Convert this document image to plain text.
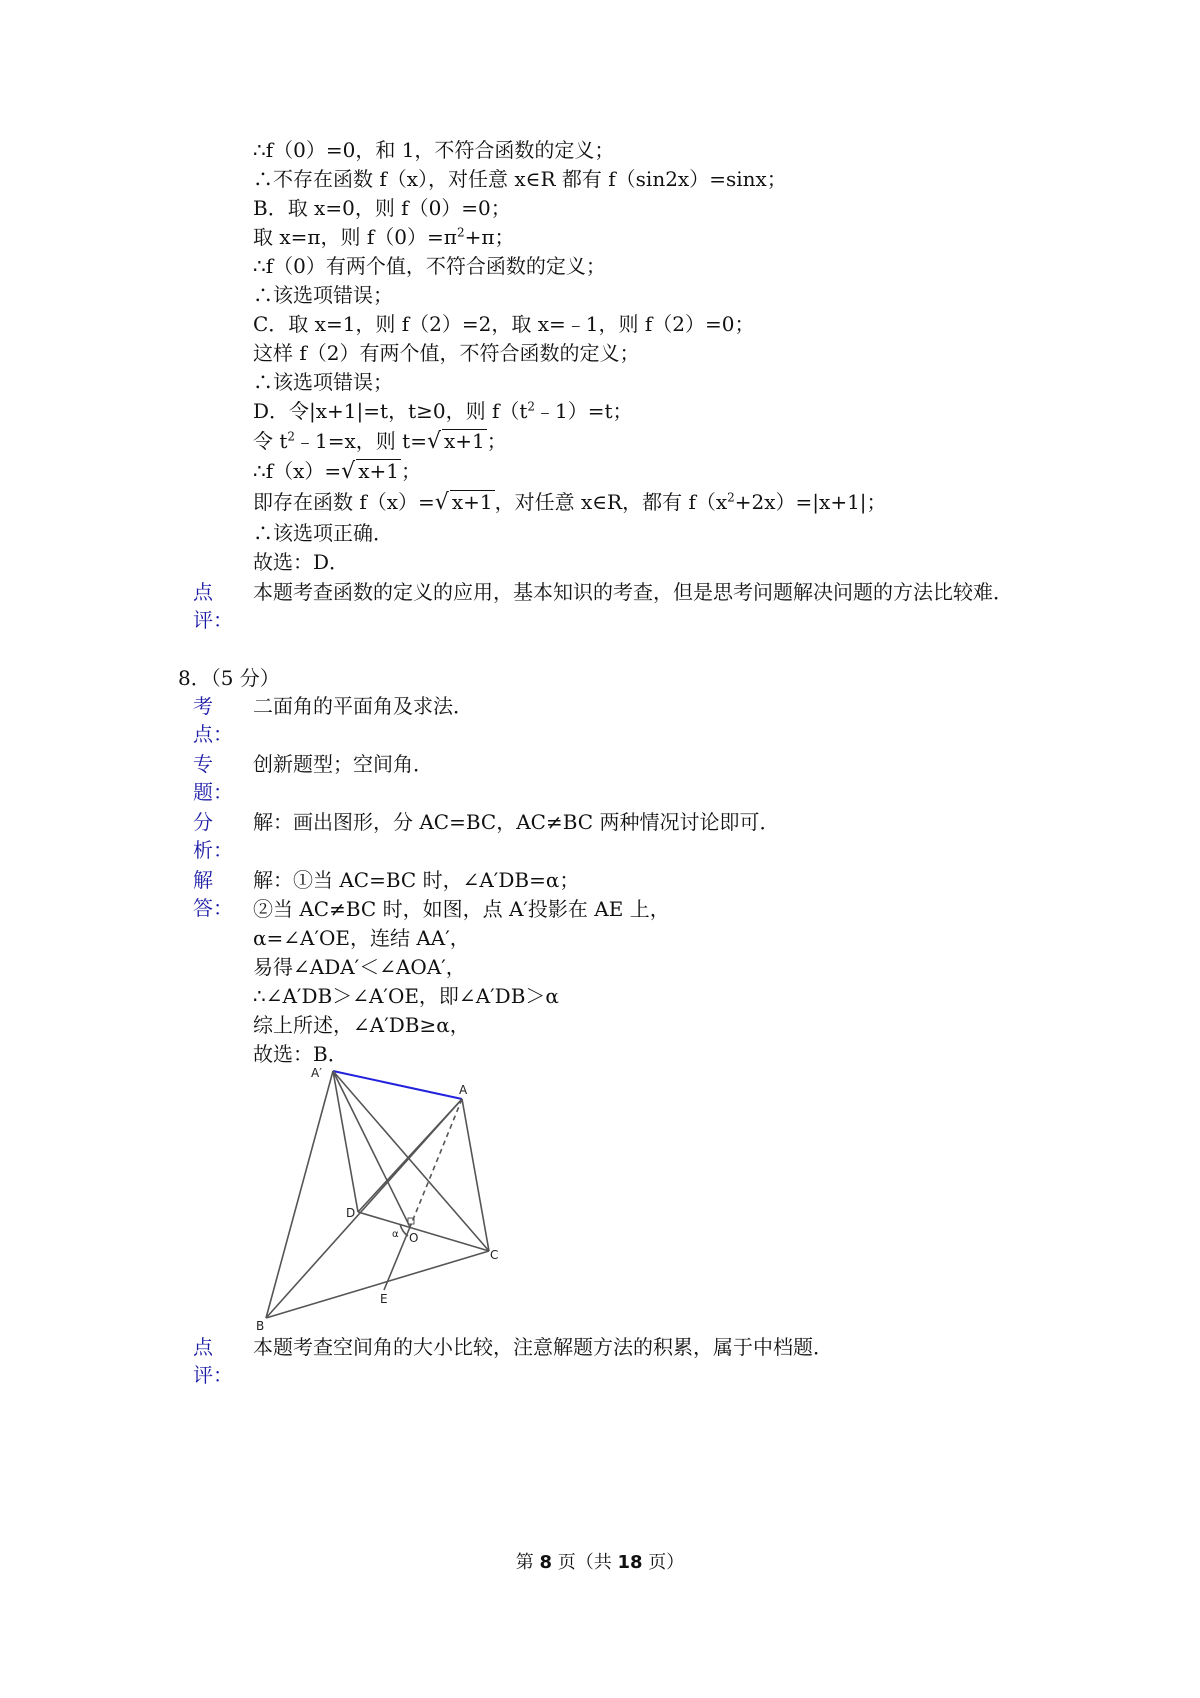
∴f（0）=0，和 1，不符合函数的定义；
∴不存在函数 f（x），对任意 x∈R 都有 f（sin2x）=sinx；
B．取 x=0，则 f（0）=0；
取 x=π，则 $f(0)=\pi^2+\pi$；
∴f（0）有两个值，不符合函数的定义；
∴该选项错误；
C．取 x=1，则 f（2）=2，取 x=﹣1，则 f（2）=0；
这样 f（2）有两个值，不符合函数的定义；
∴该选项错误；
D．令|x+1|=t，t≥0，则 $f(t^2﹣1)=t$；
令 $t^2﹣1=x$，则 t=√ x+1 ；
∴f（x）=√ x+1 ；
即存在函数 f（x）=√ x+1 ，对任意 x∈R，都有 $f(x^2+2x)=|x+1|$；
∴该选项正确．
故选：D．
点
评：
本题考查函数的定义的应用，基本知识的考查，但是思考问题解决问题的方法比较难．
8．（5 分）
考
点：
二面角的平面角及求法．
专
题：
创新题型；空间角．
分
析：
解：画出图形，分 AC=BC，AC≠BC 两种情况讨论即可．
解
答：
解：①当 AC=BC 时，∠A′DB=α；
②当 AC≠BC 时，如图，点 A′投影在 AE 上，
α=∠A′OE，连结 AA′，
易得∠ADA′＜∠AOA′，
∴∠A′DB＞∠A′OE，即∠A′DB＞α
综上所述，∠A′DB≥α，
故选：B．
A′
A
D
O
α
C
E
B
点
评：
本题考查空间角的大小比较，注意解题方法的积累，属于中档题．
第 8 页（共 18 页）
